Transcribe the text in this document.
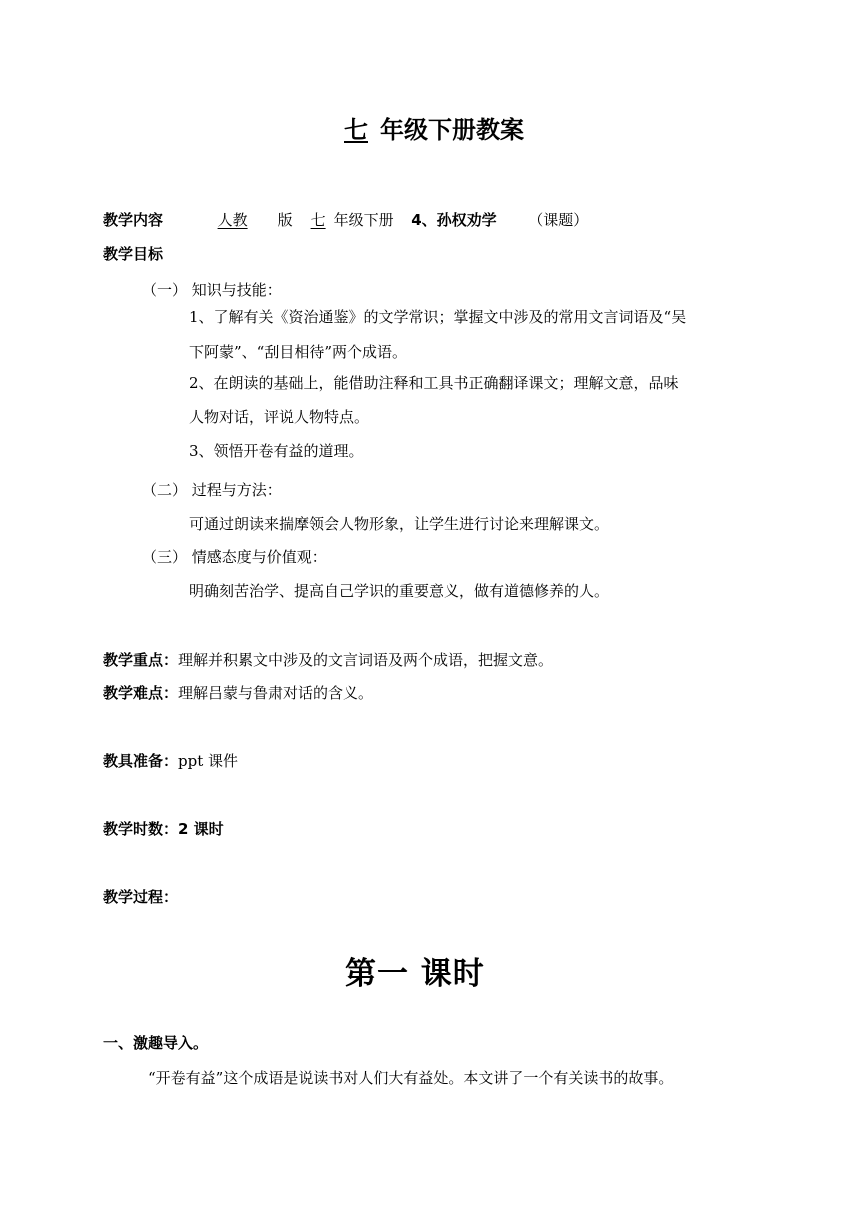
七 年级下册教案
教学内容	人教 版 七 年级下册 4、孙权劝学 （课题）
教学目标
（一） 知识与技能：
1、了解有关《资治通鉴》的文学常识；掌握文中涉及的常用文言词语及“吴
下阿蒙”、“刮目相待”两个成语。
2、在朗读的基础上，能借助注释和工具书正确翻译课文；理解文意，品味
人物对话，评说人物特点。
3、领悟开卷有益的道理。
（二） 过程与方法：
可通过朗读来揣摩领会人物形象，让学生进行讨论来理解课文。
（三） 情感态度与价值观：
明确刻苦治学、提高自己学识的重要意义，做有道德修养的人。
教学重点：理解并积累文中涉及的文言词语及两个成语，把握文意。
教学难点：理解吕蒙与鲁肃对话的含义。
教具准备：ppt 课件
教学时数：2 课时
教学过程：
第一 课时
一、激趣导入。
“开卷有益”这个成语是说读书对人们大有益处。本文讲了一个有关读书的故事。
